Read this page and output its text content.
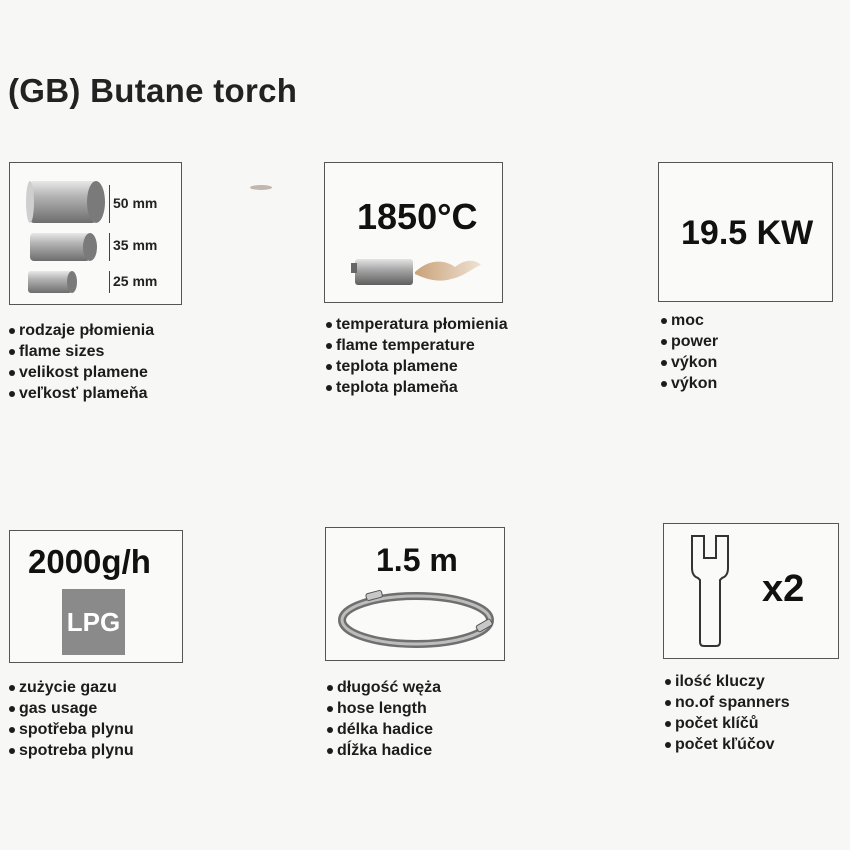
(GB) Butane torch
50 mm
35 mm
25 mm
rodzaje płomienia
flame sizes
velikost plamene
veľkosť plameňa
1850°C
temperatura płomienia
flame temperature
teplota plamene
teplota plameňa
19.5 KW
moc
power
výkon
výkon
2000g/h
LPG
zużycie gazu
gas usage
spotřeba plynu
spotreba plynu
1.5 m
długość węża
hose length
délka hadice
dĺžka hadice
x2
ilość kluczy
no.of spanners
počet klíčů
počet kľúčov
